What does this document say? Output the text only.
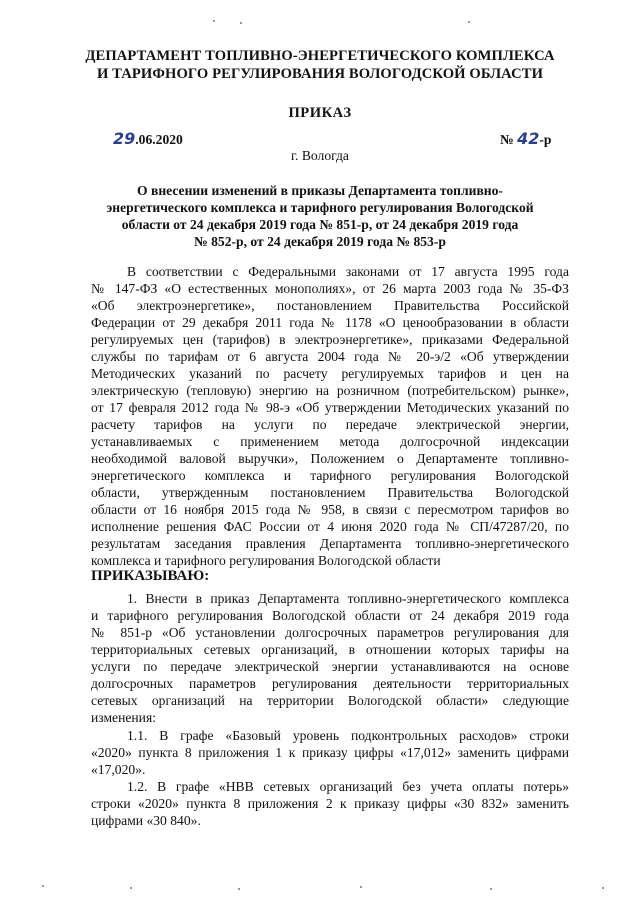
ДЕПАРТАМЕНТ ТОПЛИВНО-ЭНЕРГЕТИЧЕСКОГО КОМПЛЕКСА
И ТАРИФНОГО РЕГУЛИРОВАНИЯ ВОЛОГОДСКОЙ ОБЛАСТИ
ПРИКАЗ
29.06.2020	№ 42-р
г. Вологда
О внесении изменений в приказы Департамента топливно-
энергетического комплекса и тарифного регулирования Вологодской
области от 24 декабря 2019 года № 851-р, от 24 декабря 2019 года
№ 852-р, от 24 декабря 2019 года № 853-р
В соответствии с Федеральными законами от 17 августа 1995 года
№ 147-ФЗ «О естественных монополиях», от 26 марта 2003 года № 35-ФЗ
«Об электроэнергетике», постановлением Правительства Российской
Федерации от 29 декабря 2011 года № 1178 «О ценообразовании в области
регулируемых цен (тарифов) в электроэнергетике», приказами Федеральной
службы по тарифам от 6 августа 2004 года № 20-э/2 «Об утверждении
Методических указаний по расчету регулируемых тарифов и цен на
электрическую (тепловую) энергию на розничном (потребительском) рынке»,
от 17 февраля 2012 года № 98-э «Об утверждении Методических указаний по
расчету тарифов на услуги по передаче электрической энергии,
устанавливаемых с применением метода долгосрочной индексации
необходимой валовой выручки», Положением о Департаменте топливно-
энергетического комплекса и тарифного регулирования Вологодской
области, утвержденным постановлением Правительства Вологодской
области от 16 ноября 2015 года № 958, в связи с пересмотром тарифов во
исполнение решения ФАС России от 4 июня 2020 года № СП/47287/20, по
результатам заседания правления Департамента топливно-энергетического
комплекса и тарифного регулирования Вологодской области
ПРИКАЗЫВАЮ:
1. Внести в приказ Департамента топливно-энергетического комплекса
и тарифного регулирования Вологодской области от 24 декабря 2019 года
№ 851-р «Об установлении долгосрочных параметров регулирования для
территориальных сетевых организаций, в отношении которых тарифы на
услуги по передаче электрической энергии устанавливаются на основе
долгосрочных параметров регулирования деятельности территориальных
сетевых организаций на территории Вологодской области» следующие
изменения:
1.1. В графе «Базовый уровень подконтрольных расходов» строки
«2020» пункта 8 приложения 1 к приказу цифры «17,012» заменить цифрами
«17,020».
1.2. В графе «НВВ сетевых организаций без учета оплаты потерь»
строки «2020» пункта 8 приложения 2 к приказу цифры «30 832» заменить
цифрами «30 840».
